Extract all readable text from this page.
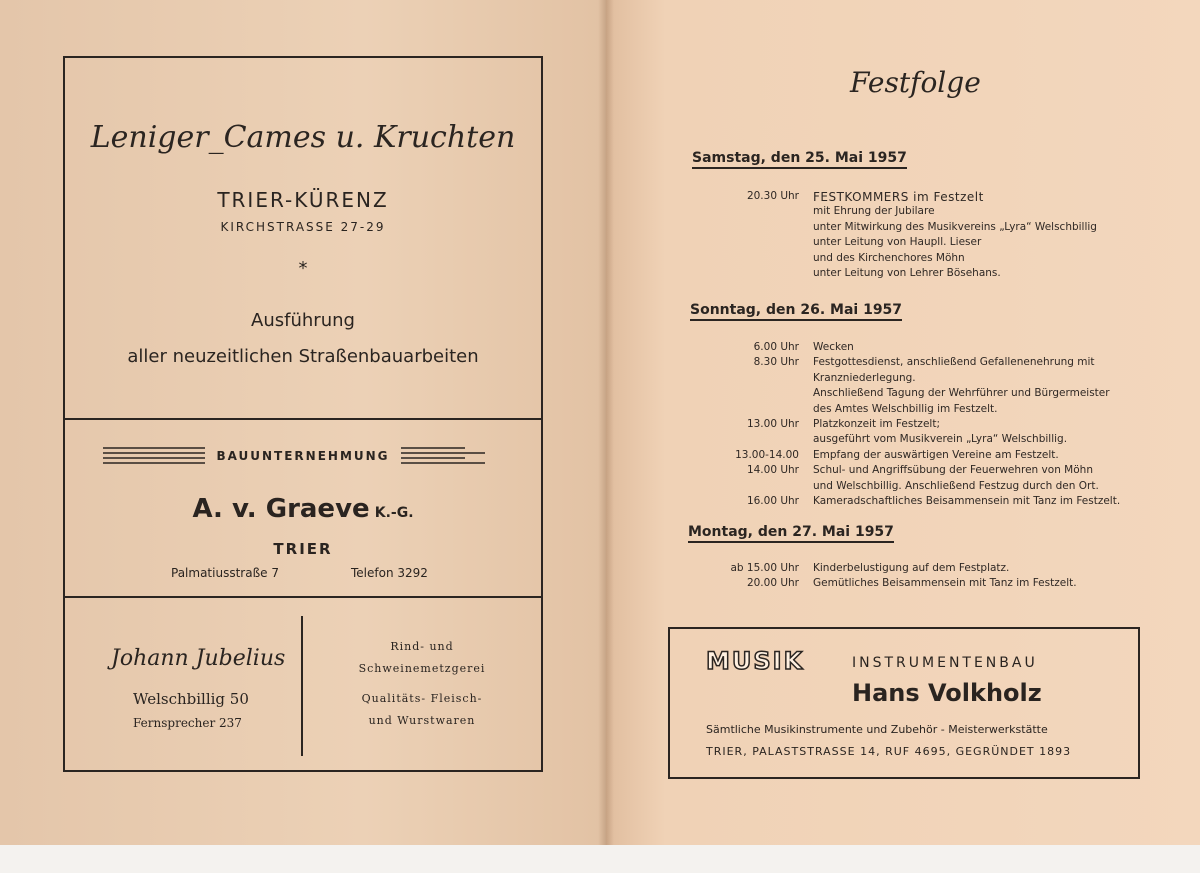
Leniger_Cames u. Kruchten
TRIER-KÜRENZ
KIRCHSTRASSE 27-29
*
Ausführung
aller neuzeitlichen Straßenbauarbeiten
BAUUNTERNEHMUNG
A. v. Graeve K.-G.
TRIER
Palmatiusstraße 7	Telefon 3292
Johann Jubelius
Welschbillig 50
Fernsprecher 237
Rind- und
Schweinemetzgerei
Qualitäts- Fleisch-
und Wurstwaren
Festfolge
Samstag, den 25. Mai 1957
20.30 Uhr FESTKOMMERS im Festzelt
mit Ehrung der Jubilare
unter Mitwirkung des Musikvereins „Lyra“ Welschbillig
unter Leitung von Haupll. Lieser
und des Kirchenchores Möhn
unter Leitung von Lehrer Bösehans.
Sonntag, den 26. Mai 1957
6.00 Uhr Wecken
8.30 Uhr Festgottesdienst, anschließend Gefallenenehrung mit
Kranzniederlegung.
Anschließend Tagung der Wehrführer und Bürgermeister
des Amtes Welschbillig im Festzelt.
13.00 Uhr Platzkonzeit im Festzelt;
ausgeführt vom Musikverein „Lyra“ Welschbillig.
13.00-14.00 Empfang der auswärtigen Vereine am Festzelt.
14.00 Uhr Schul- und Angriffsübung der Feuerwehren von Möhn
und Welschbillig. Anschließend Festzug durch den Ort.
16.00 Uhr Kameradschaftliches Beisammensein mit Tanz im Festzelt.
Montag, den 27. Mai 1957
ab 15.00 Uhr Kinderbelustigung auf dem Festplatz.
20.00 Uhr Gemütliches Beisammensein mit Tanz im Festzelt.
MUSIK	INSTRUMENTENBAU
Hans Volkholz
Sämtliche Musikinstrumente und Zubehör - Meisterwerkstätte
TRIER, PALASTSTRASSE 14, RUF 4695, GEGRÜNDET 1893
